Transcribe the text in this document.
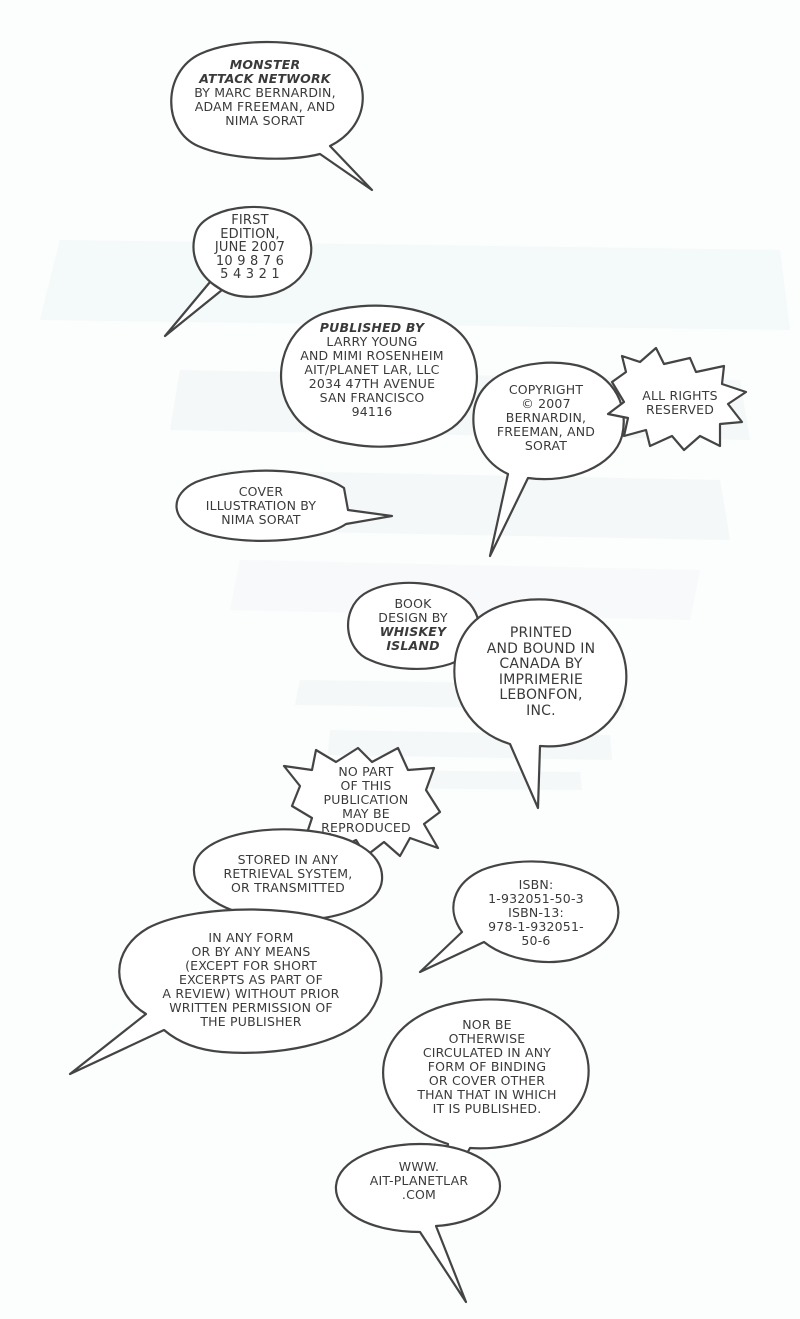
MONSTER
ATTACK NETWORK
BY MARC BERNARDIN,
ADAM FREEMAN, AND
NIMA SORAT
FIRST
EDITION,
JUNE 2007
10 9 8 7 6
5 4 3 2 1
PUBLISHED BY
LARRY YOUNG
AND MIMI ROSENHEIM
AIT/PLANET LAR, LLC
2034 47TH AVENUE
SAN FRANCISCO
94116
COPYRIGHT
© 2007
BERNARDIN,
FREEMAN, AND
SORAT
ALL RIGHTS
RESERVED
COVER
ILLUSTRATION BY
NIMA SORAT
BOOK
DESIGN BY
WHISKEY
ISLAND
PRINTED
AND BOUND IN
CANADA BY
IMPRIMERIE
LEBONFON,
INC.
NO PART
OF THIS
PUBLICATION
MAY BE
REPRODUCED
STORED IN ANY
RETRIEVAL SYSTEM,
OR TRANSMITTED	ISBN:
1-932051-50-3
ISBN-13:
978-1-932051-
50-6
IN ANY FORM
OR BY ANY MEANS
(EXCEPT FOR SHORT
EXCERPTS AS PART OF
A REVIEW) WITHOUT PRIOR
WRITTEN PERMISSION OF
THE PUBLISHER	NOR BE
OTHERWISE
CIRCULATED IN ANY
FORM OF BINDING
OR COVER OTHER
THAN THAT IN WHICH
IT IS PUBLISHED.
WWW.
AIT-PLANETLAR
.COM
